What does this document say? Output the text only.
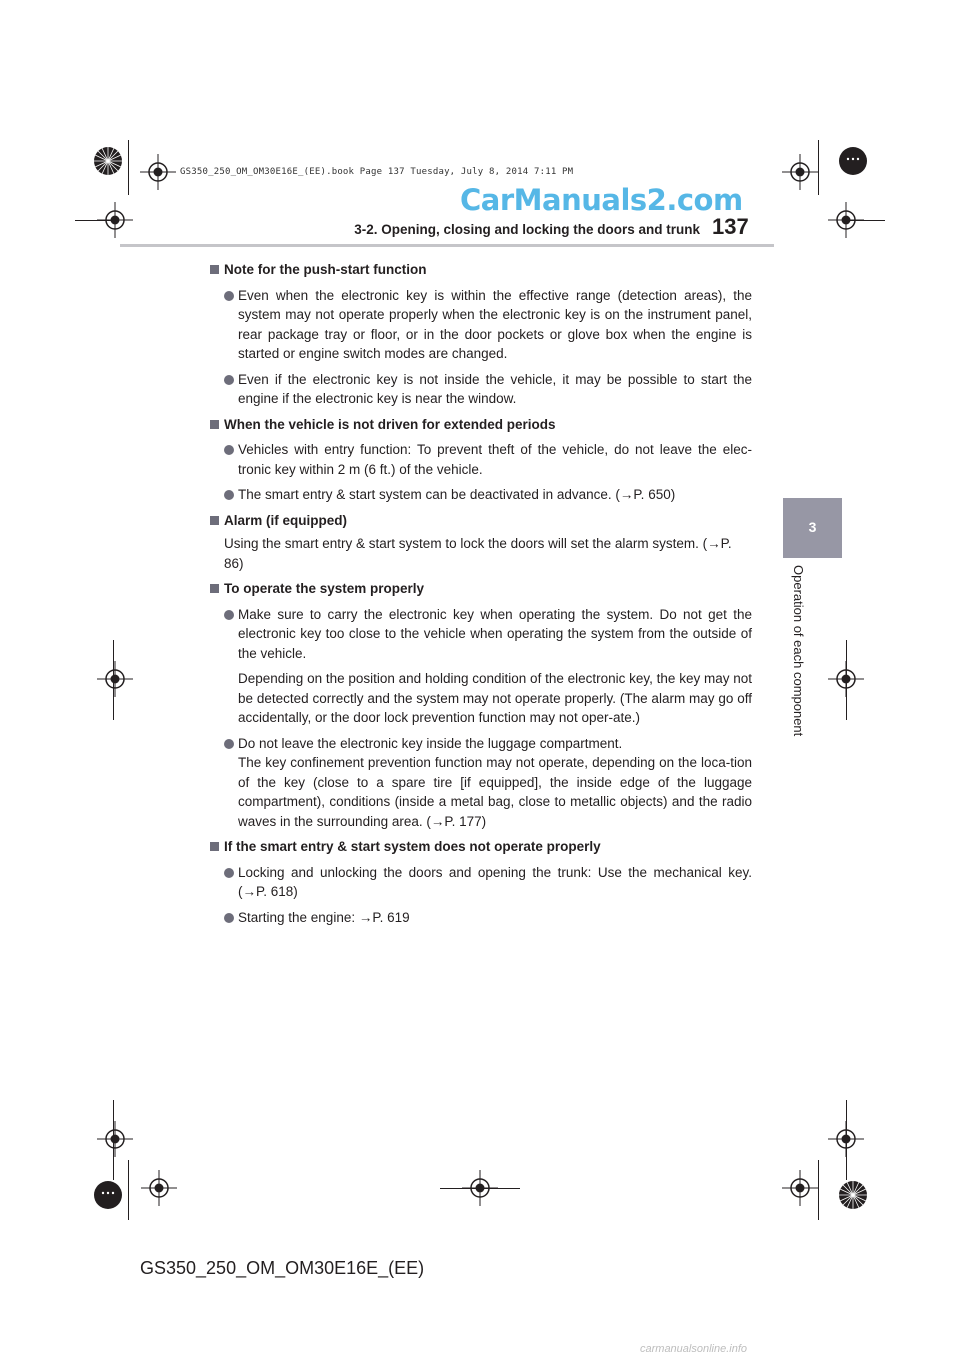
GS350_250_OM_OM30E16E_(EE).book Page 137 Tuesday, July 8, 2014 7:11 PM
CarManuals2.com
3-2. Opening, closing and locking the doors and trunk 137
3
Operation of each component
Note for the push-start function
Even when the electronic key is within the effective range (detection areas), the system may not operate properly when the electronic key is on the instrument panel, rear package tray or floor, or in the door pockets or glove box when the engine is started or engine switch modes are changed.
Even if the electronic key is not inside the vehicle, it may be possible to start the engine if the electronic key is near the window.
When the vehicle is not driven for extended periods
Vehicles with entry function: To prevent theft of the vehicle, do not leave the elec-tronic key within 2 m (6 ft.) of the vehicle.
The smart entry & start system can be deactivated in advance. (→P. 650)
Alarm (if equipped)
Using the smart entry & start system to lock the doors will set the alarm system. (→P. 86)
To operate the system properly
Make sure to carry the electronic key when operating the system. Do not get the electronic key too close to the vehicle when operating the system from the outside of the vehicle.
Depending on the position and holding condition of the electronic key, the key may not be detected correctly and the system may not operate properly. (The alarm may go off accidentally, or the door lock prevention function may not oper-ate.)
Do not leave the electronic key inside the luggage compartment.
The key confinement prevention function may not operate, depending on the loca-tion of the key (close to a spare tire [if equipped], the inside edge of the luggage compartment), conditions (inside a metal bag, close to metallic objects) and the radio waves in the surrounding area. (→P. 177)
If the smart entry & start system does not operate properly
Locking and unlocking the doors and opening the trunk: Use the mechanical key. (→P. 618)
Starting the engine: →P. 619
GS350_250_OM_OM30E16E_(EE)
carmanualsonline.info
